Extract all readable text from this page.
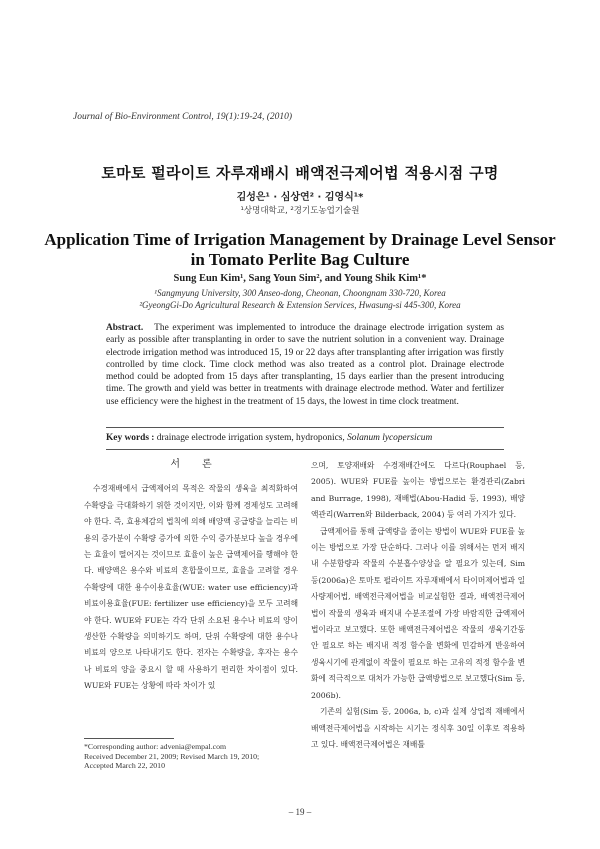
Journal of Bio-Environment Control, 19(1):19-24, (2010)
토마토 펄라이트 자루재배시 배액전극제어법 적용시점 구명
김성은¹ · 심상연² · 김영식¹*
¹상명대학교, ²경기도농업기술원
Application Time of Irrigation Management by Drainage Level Sensor in Tomato Perlite Bag Culture
Sung Eun Kim¹, Sang Youn Sim², and Young Shik Kim¹*
¹Sangmyung University, 300 Anseo-dong, Cheonan, Choongnam 330-720, Korea
²GyeongGi-Do Agricultural Research & Extension Services, Hwasung-si 445-300, Korea

Abstract. The experiment was implemented to introduce the drainage electrode irrigation system as early as possible after transplanting in order to save the nutrient solution in a convenient way. Drainage electrode irrigation method was introduced 15, 19 or 22 days after transplanting after irrigation was firstly controlled by time clock. Time clock method was also treated as a control plot. Drainage electrode method could be adopted from 15 days after transplanting, 15 days earlier than the present introducing time. The growth and yield was better in treatments with drainage electrode method. Water and fertilizer use efficiency were the highest in the treatment of 15 days, the lowest in time clock treatment.

Key words : drainage electrode irrigation system, hydroponics, Solanum lycopersicum
서론

수경재배에서 급액제어의 목적은 작물의 생육을 최적화하여 수확량을 극대화하기 위한 것이지만, 이와 함께 경제성도 고려해야 한다. 즉, 효용체감의 법칙에 의해 배양액 공급량을 늘리는 비용의 증가분이 수확량 증가에 의한 수익 증가분보다 높을 경우에는 효율이 떨어지는 것이므로 효율이 높은 급액제어를 행해야 한다. 배양액은 용수와 비료의 혼합물이므로, 효율을 고려할 경우 수확량에 대한 용수이용효율(WUE: water use efficiency)과 비료이용효율(FUE: fertilizer use efficiency)을 모두 고려해야 한다. WUE와 FUE는 각각 단위 소요된 용수나 비료의 양이 생산한 수확량을 의미하기도 하며, 단위 수확량에 대한 용수나 비료의 양으로 나타내기도 한다. 전자는 수확량을, 후자는 용수나 비료의 양을 중요시 할 때 사용하기 편리한 차이점이 있다. WUE와 FUE는 상황에 따라 차이가 있

으며, 토양재배와 수경재배간에도 다르다(Rouphael 등, 2005). WUE와 FUE를 높이는 방법으로는 환경관리(Zabri and Burrage, 1998), 재배법(Abou-Hadid 등, 1993), 배양액관리(Warren와 Bilderback, 2004) 등 여러 가지가 있다.

급액제어를 통해 급액량을 줄이는 방법이 WUE와 FUE를 높이는 방법으로 가장 단순하다. 그러나 이를 위해서는 먼저 배지내 수분함량과 작물의 수분흡수양상을 알 필요가 있는데, Sim 등(2006a)은 토마토 펄라이트 자루재배에서 타이머제어법과 일사량제어법, 배액전극제어법을 비교실험한 결과, 배액전극제어법이 작물의 생육과 배지내 수분조절에 가장 바람직한 급액제어법이라고 보고했다. 또한 배액전극제어법은 작물의 생육기간동안 필요로 하는 배지내 적정 함수율 변화에 민감하게 반응하여 생육시기에 관계없이 작물이 필요로 하는 고유의 적정 함수율 변화에 적극적으로 대처가 가능한 급액방법으로 보고했다(Sim 등, 2006b).

기존의 실험(Sim 등, 2006a, b, c)과 실제 상업적 재배에서 배액전극제어법을 시작하는 시기는 정식후 30일 이후로 적용하고 있다. 배액전극제어법은 재배틀

*Corresponding author: advenia@empal.com
Received December 21, 2009; Revised March 19, 2010;
Accepted March 22, 2010
– 19 –
